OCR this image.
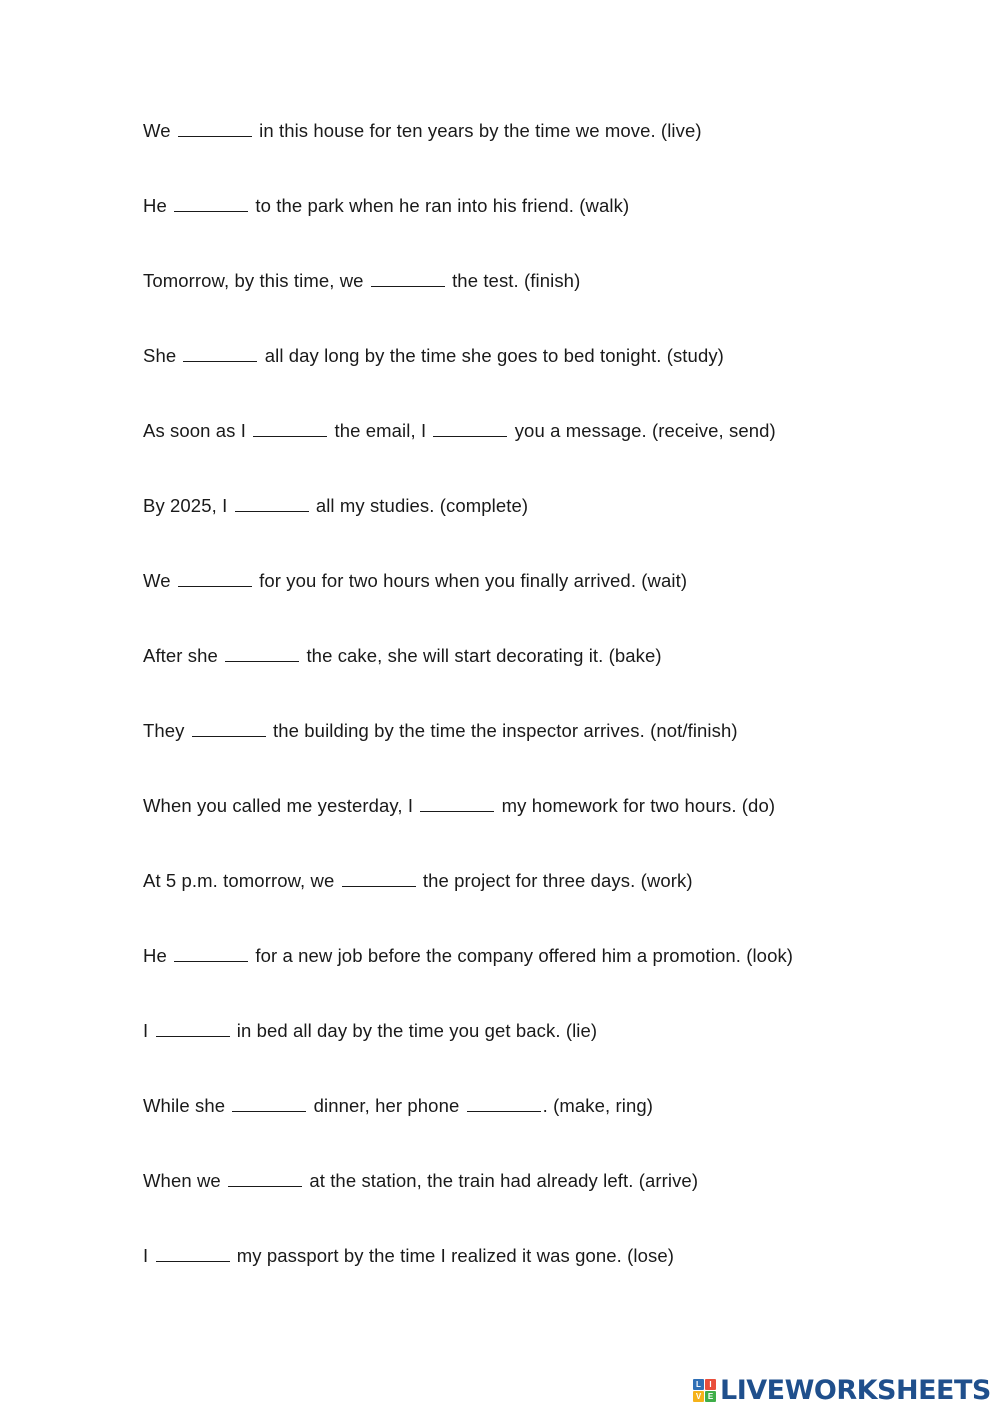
We	in this house for ten years by the time we move. (live)
He	to the park when he ran into his friend. (walk)
Tomorrow, by this time, we	the test. (finish)
She	all day long by the time she goes to bed tonight. (study)
As soon as I	the email, I	you a message. (receive, send)
By 2025, I	all my studies. (complete)
We	for you for two hours when you finally arrived. (wait)
After she	the cake, she will start decorating it. (bake)
They	the building by the time the inspector arrives. (not/finish)
When you called me yesterday, I	my homework for two hours. (do)
At 5 p.m. tomorrow, we	the project for three days. (work)
He	for a new job before the company offered him a promotion. (look)
I	in bed all day by the time you get back. (lie)
While she	dinner, her phone	. (make, ring)
When we	at the station, the train had already left. (arrive)
I	my passport by the time I realized it was gone. (lose)
L	I
V E LIVEWORKSHEETS
